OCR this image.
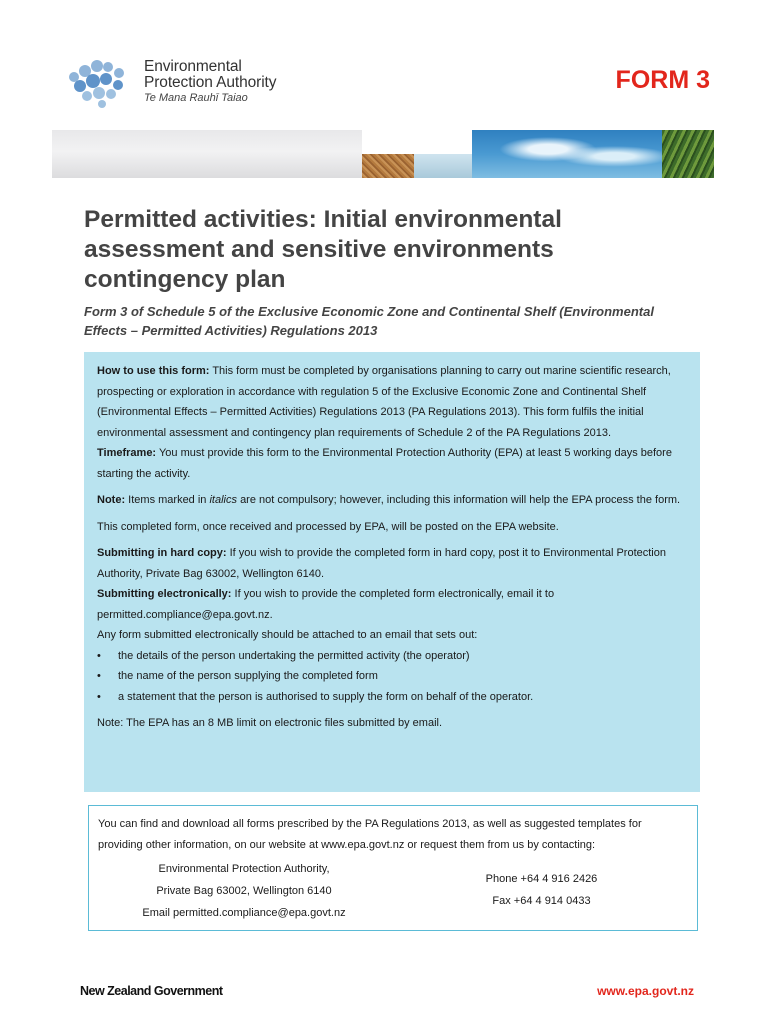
Environmental
Protection Authority
Te Mana Rauhī Taiao
FORM 3
Permitted activities: Initial environmental assessment and sensitive environments contingency plan

Form 3 of Schedule 5 of the Exclusive Economic Zone and Continental Shelf (Environmental Effects – Permitted Activities) Regulations 2013

How to use this form: This form must be completed by organisations planning to carry out marine scientific research, prospecting or exploration in accordance with regulation 5 of the Exclusive Economic Zone and Continental Shelf (Environmental Effects – Permitted Activities) Regulations 2013 (PA Regulations 2013). This form fulfils the initial environmental assessment and contingency plan requirements of Schedule 2 of the PA Regulations 2013.

Timeframe: You must provide this form to the Environmental Protection Authority (EPA) at least 5 working days before starting the activity.

Note: Items marked in italics are not compulsory; however, including this information will help the EPA process the form.

This completed form, once received and processed by EPA, will be posted on the EPA website.

Submitting in hard copy: If you wish to provide the completed form in hard copy, post it to Environmental Protection Authority, Private Bag 63002, Wellington 6140.

Submitting electronically: If you wish to provide the completed form electronically, email it to permitted.compliance@epa.govt.nz.

Any form submitted electronically should be attached to an email that sets out:

• the details of the person undertaking the permitted activity (the operator)
• the name of the person supplying the completed form
• a statement that the person is authorised to supply the form on behalf of the operator.

Note: The EPA has an 8 MB limit on electronic files submitted by email.

You can find and download all forms prescribed by the PA Regulations 2013, as well as suggested templates for providing other information, on our website at www.epa.govt.nz or request them from us by contacting:

Environmental Protection Authority,
Private Bag 63002, Wellington 6140
Email permitted.compliance@epa.govt.nz
Phone +64 4 916 2426
Fax +64 4 914 0433
New Zealand Government	www.epa.govt.nz
